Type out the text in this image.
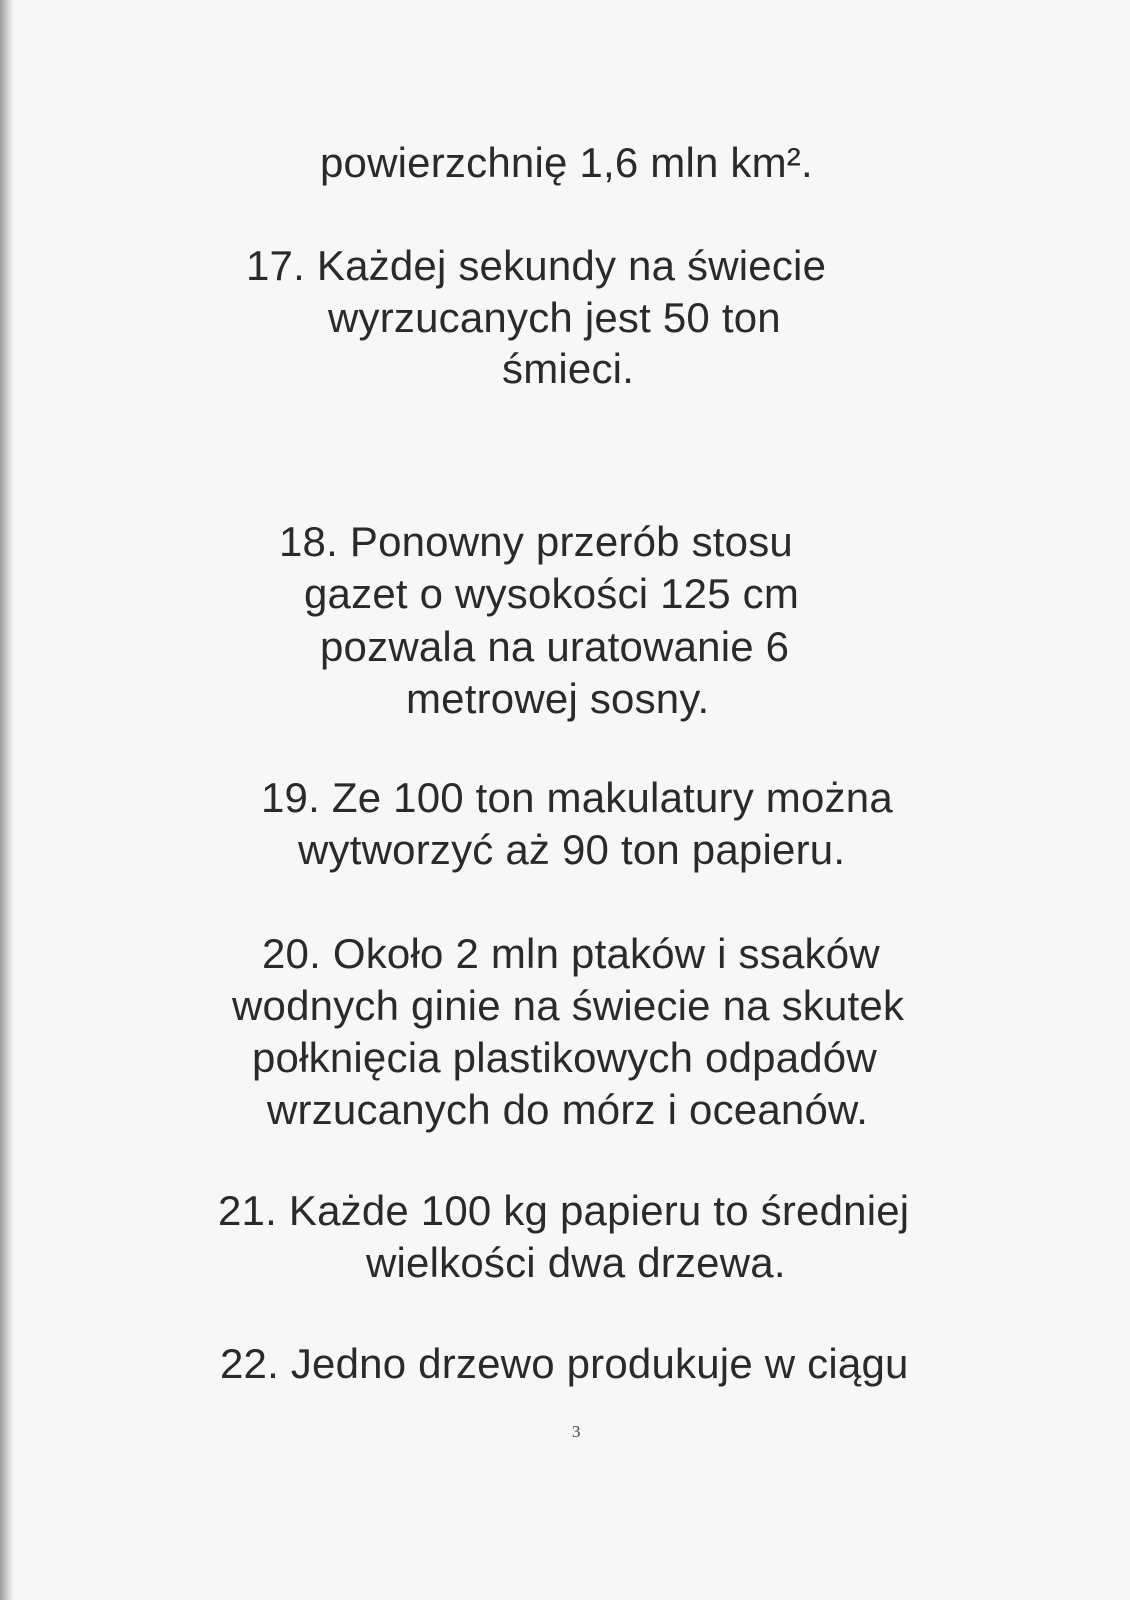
powierzchnię 1,6 mln km².
17. Każdej sekundy na świecie
wyrzucanych jest 50 ton
śmieci.
18. Ponowny przerób stosu
gazet o wysokości 125 cm
pozwala na uratowanie 6
metrowej sosny.
19. Ze 100 ton makulatury można
wytworzyć aż 90 ton papieru.
20. Około 2 mln ptaków i ssaków
wodnych ginie na świecie na skutek
połknięcia plastikowych odpadów
wrzucanych do mórz i oceanów.
21. Każde 100 kg papieru to średniej
wielkości dwa drzewa.
22. Jedno drzewo produkuje w ciągu
3
